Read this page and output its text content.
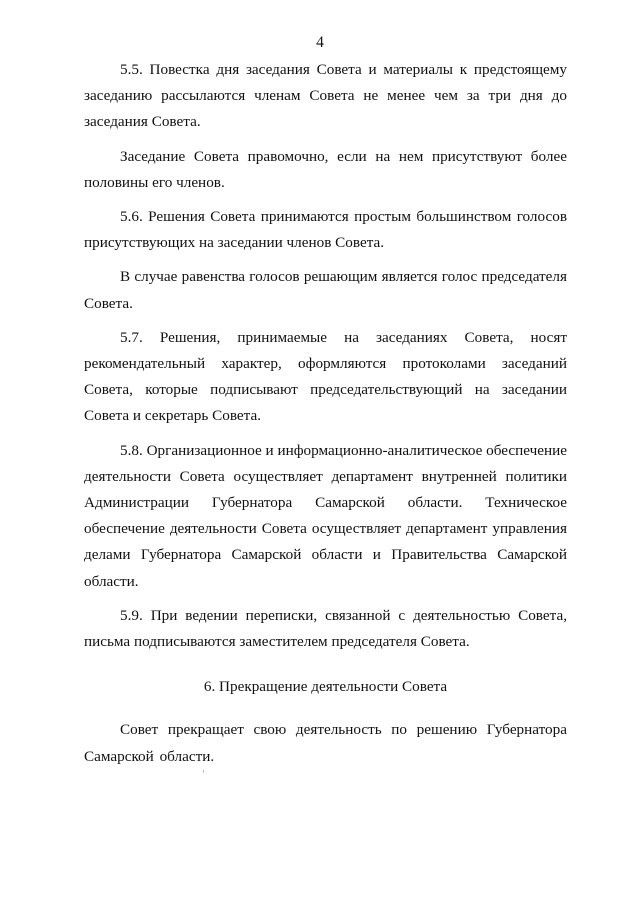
4

5.5. Повестка дня заседания Совета и материалы к предстоящему заседанию рассылаются членам Совета не менее чем за три дня до заседания Совета.

Заседание Совета правомочно, если на нем присутствуют более половины его членов.

5.6. Решения Совета принимаются простым большинством голосов присутствующих на заседании членов Совета.

В случае равенства голосов решающим является голос председателя Совета.

5.7. Решения, принимаемые на заседаниях Совета, носят рекомендательный характер, оформляются протоколами заседаний Совета, которые подписывают председательствующий на заседании Совета и секретарь Совета.

5.8. Организационное и информационно-аналитическое обеспечение деятельности Совета осуществляет департамент внутренней политики Администрации Губернатора Самарской области. Техническое обеспечение деятельности Совета осуществляет департамент управления делами Губернатора Самарской области и Правительства Самарской области.

5.9. При ведении переписки, связанной с деятельностью Совета, письма подписываются заместителем председателя Совета.

6. Прекращение деятельности Совета

Совет прекращает свою деятельность по решению Губернатора Самарской области.
